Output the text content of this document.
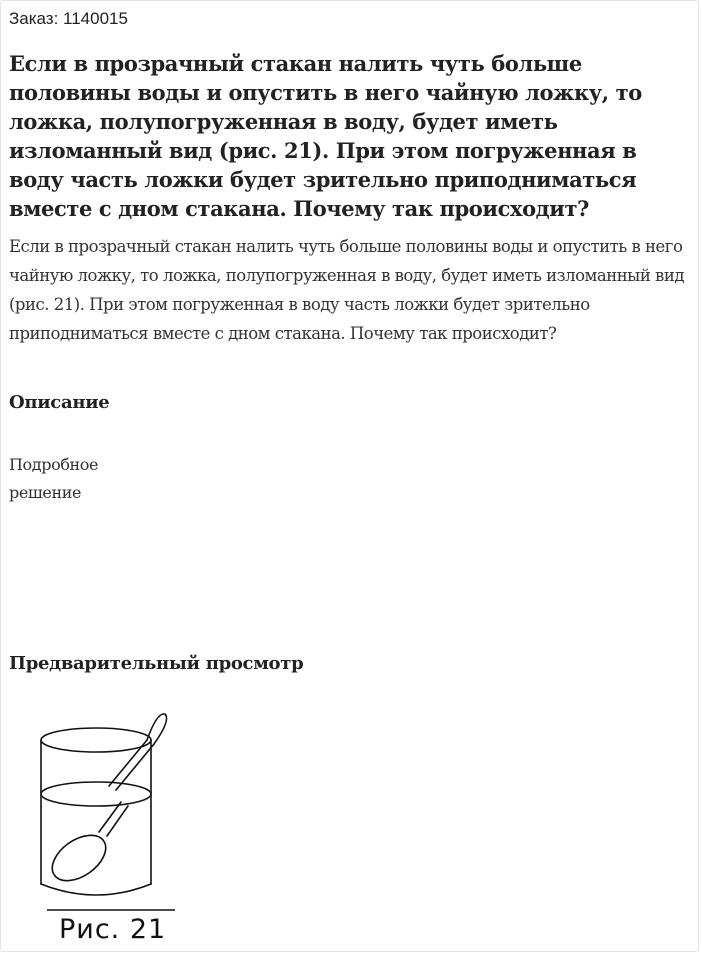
Заказ: 1140015
Если в прозрачный стакан налить чуть больше половины воды и опустить в него чайную ложку, то ложка, полупогруженная в воду, будет иметь изломанный вид (рис. 21). При этом погруженная в воду часть ложки будет зрительно приподниматься вместе с дном стакана. Почему так происходит?

Если в прозрачный стакан налить чуть больше половины воды и опустить в него чайную ложку, то ложка, полупогруженная в воду, будет иметь изломанный вид (рис. 21). При этом погруженная в воду часть ложки будет зрительно приподниматься вместе с дном стакана. Почему так происходит?

Описание

Подробное решение

Предварительный просмотр
Рис. 21
